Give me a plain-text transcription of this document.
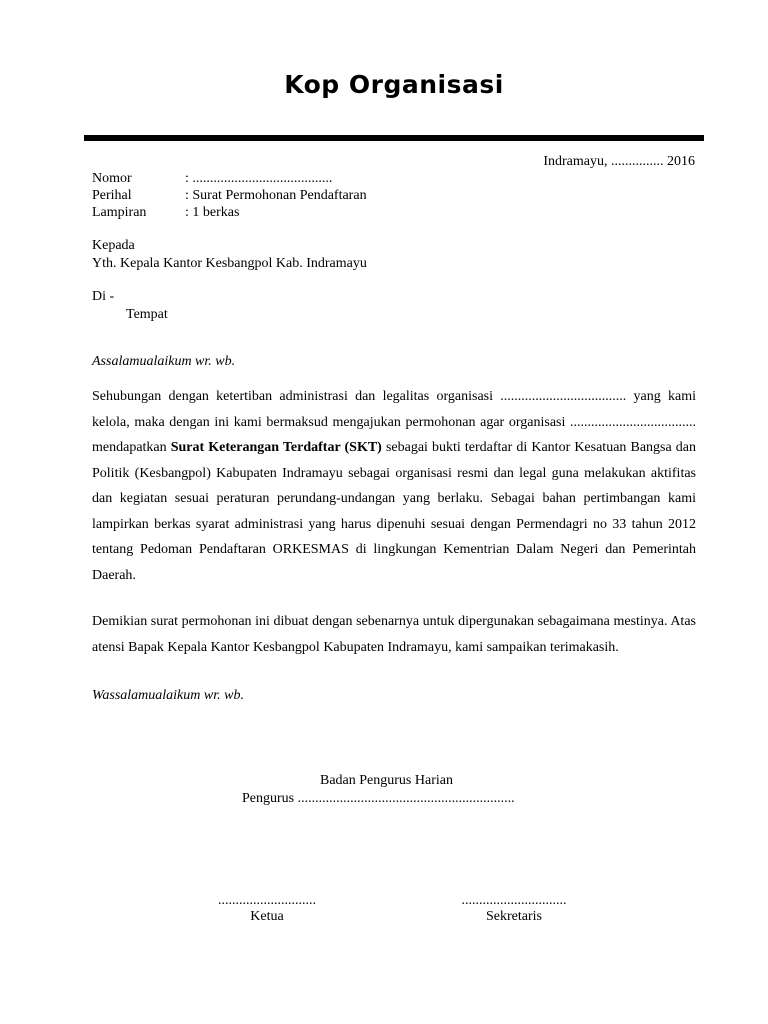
Kop Organisasi
Indramayu, ............... 2016
Nomor	: ........................................
Perihal	: Surat Permohonan Pendaftaran
Lampiran	: 1 berkas
Kepada
Yth. Kepala Kantor Kesbangpol Kab. Indramayu
Di -
Tempat
Assalamualaikum wr. wb.
Sehubungan dengan ketertiban administrasi dan legalitas organisasi .................................... yang kami kelola, maka dengan ini kami bermaksud mengajukan permohonan agar organisasi .................................... mendapatkan Surat Keterangan Terdaftar (SKT) sebagai bukti terdaftar di Kantor Kesatuan Bangsa dan Politik (Kesbangpol) Kabupaten Indramayu sebagai organisasi resmi dan legal guna melakukan aktifitas dan kegiatan sesuai peraturan perundang-undangan yang berlaku. Sebagai bahan pertimbangan kami lampirkan berkas syarat administrasi yang harus dipenuhi sesuai dengan Permendagri no 33 tahun 2012 tentang Pedoman Pendaftaran ORKESMAS di lingkungan Kementrian Dalam Negeri dan Pemerintah Daerah.
Demikian surat permohonan ini dibuat dengan sebenarnya untuk dipergunakan sebagaimana mestinya. Atas atensi Bapak Kepala Kantor Kesbangpol Kabupaten Indramayu, kami sampaikan terimakasih.
Wassalamualaikum wr. wb.
Badan Pengurus Harian
Pengurus ..............................................................
............................
Ketua
..............................
Sekretaris
